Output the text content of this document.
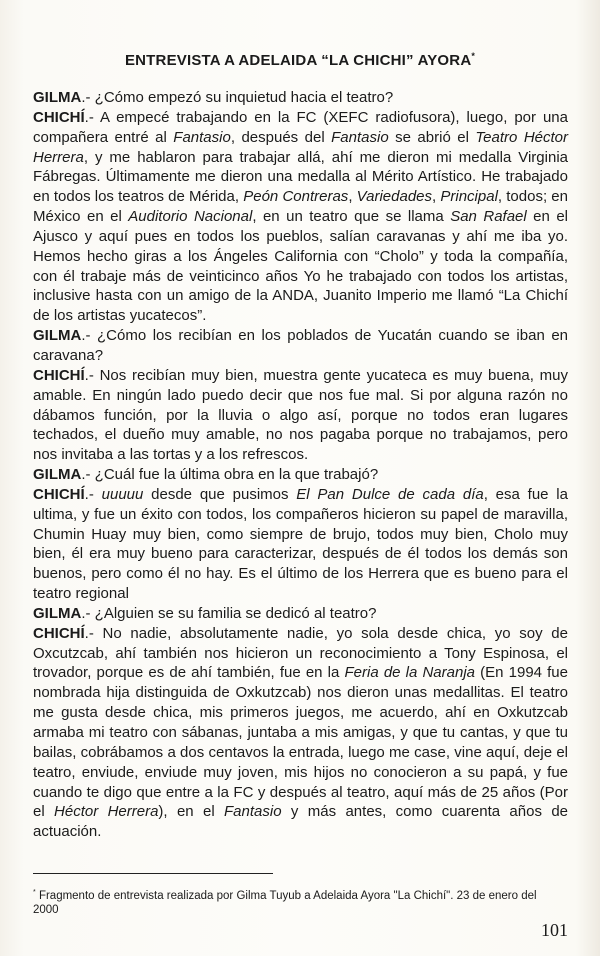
ENTREVISTA A ADELAIDA “LA CHICHI” AYORA*

GILMA.- ¿Cómo empezó su inquietud hacia el teatro?

CHICHÍ.- A empecé trabajando en la FC (XEFC radiofusora), luego, por una compañera entré al Fantasio, después del Fantasio se abrió el Teatro Héctor Herrera, y me hablaron para trabajar allá, ahí me dieron mi medalla Virginia Fábregas. Últimamente me dieron una medalla al Mérito Artístico. He trabajado en todos los teatros de Mérida, Peón Contreras, Variedades, Principal, todos; en México en el Auditorio Nacional, en un teatro que se llama San Rafael en el Ajusco y aquí pues en todos los pueblos, salían caravanas y ahí me iba yo. Hemos hecho giras a los Ángeles California con “Cholo” y toda la compañía, con él trabaje más de veinticinco años Yo he trabajado con todos los artistas, inclusive hasta con un amigo de la ANDA, Juanito Imperio me llamó “La Chichí de los artistas yucatecos”.

GILMA.- ¿Cómo los recibían en los poblados de Yucatán cuando se iban en caravana?

CHICHÍ.- Nos recibían muy bien, muestra gente yucateca es muy buena, muy amable. En ningún lado puedo decir que nos fue mal. Si por alguna razón no dábamos función, por la lluvia o algo así, porque no todos eran lugares techados, el dueño muy amable, no nos pagaba porque no trabajamos, pero nos invitaba a las tortas y a los refrescos.

GILMA.- ¿Cuál fue la última obra en la que trabajó?

CHICHÍ.- uuuuu desde que pusimos El Pan Dulce de cada día, esa fue la ultima, y fue un éxito con todos, los compañeros hicieron su papel de maravilla, Chumin Huay muy bien, como siempre de brujo, todos muy bien, Cholo muy bien, él era muy bueno para caracterizar, después de él todos los demás son buenos, pero como él no hay. Es el último de los Herrera que es bueno para el teatro regional

GILMA.- ¿Alguien se su familia se dedicó al teatro?

CHICHÍ.- No nadie, absolutamente nadie, yo sola desde chica, yo soy de Oxcutzcab, ahí también nos hicieron un reconocimiento a Tony Espinosa, el trovador, porque es de ahí también, fue en la Feria de la Naranja (En 1994 fue nombrada hija distinguida de Oxkutzcab) nos dieron unas medallitas. El teatro me gusta desde chica, mis primeros juegos, me acuerdo, ahí en Oxkutzcab armaba mi teatro con sábanas, juntaba a mis amigas, y que tu cantas, y que tu bailas, cobrábamos a dos centavos la entrada, luego me case, vine aquí, deje el teatro, enviude, enviude muy joven, mis hijos no conocieron a su papá, y fue cuando te digo que entre a la FC y después al teatro, aquí más de 25 años (Por el Héctor Herrera), en el Fantasio y más antes, como cuarenta años de actuación.

* Fragmento de entrevista realizada por Gilma Tuyub a Adelaida Ayora "La Chichí". 23 de enero del 2000
101
